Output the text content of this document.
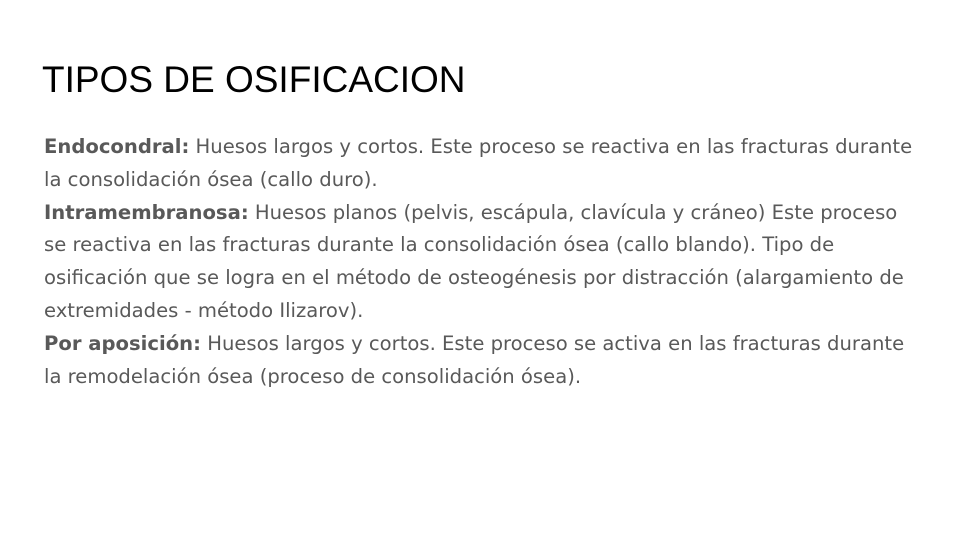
TIPOS DE OSIFICACION

Endocondral: Huesos largos y cortos. Este proceso se reactiva en las fracturas durante la consolidación ósea (callo duro).

Intramembranosa: Huesos planos (pelvis, escápula, clavícula y cráneo) Este proceso se reactiva en las fracturas durante la consolidación ósea (callo blando). Tipo de osificación que se logra en el método de osteogénesis por distracción (alargamiento de extremidades - método Ilizarov).

Por aposición: Huesos largos y cortos. Este proceso se activa en las fracturas durante la remodelación ósea (proceso de consolidación ósea).
